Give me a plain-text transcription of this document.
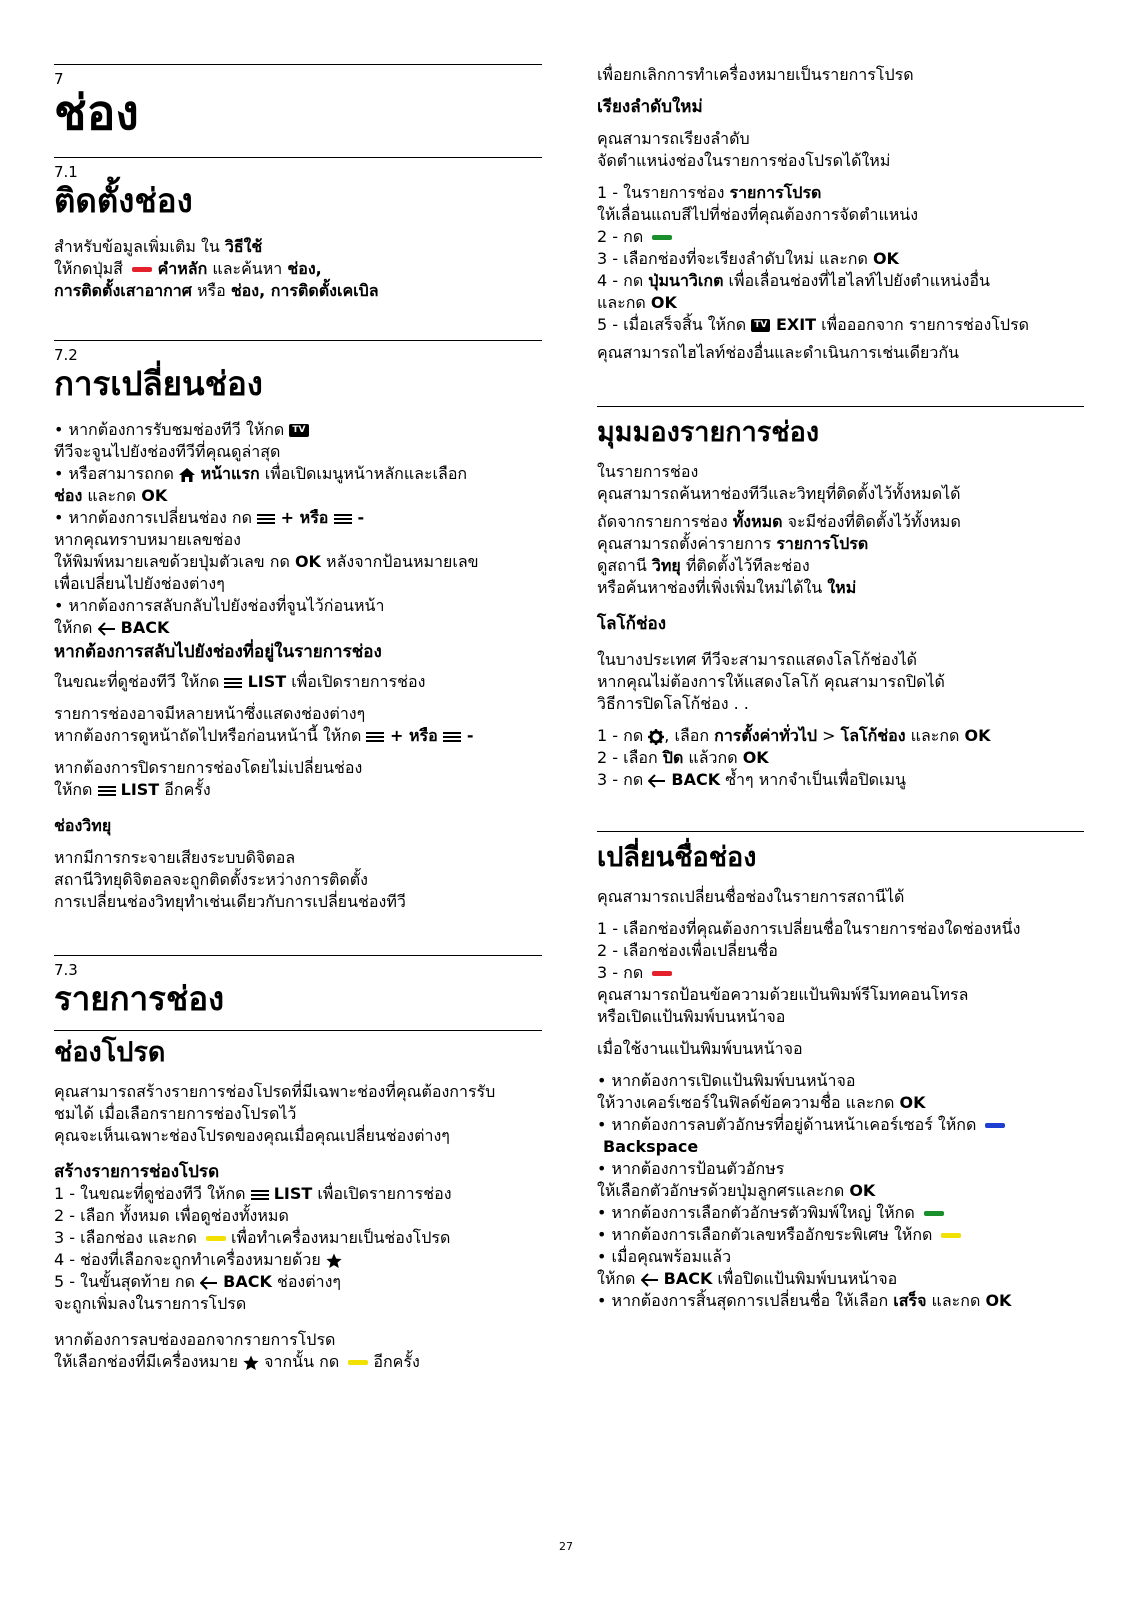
7
ช่อง
7.1
ติดตั้งช่อง

สำหรับข้อมูลเพิ่มเติม ใน วิธีใช้

ให้กดปุ่มสี  คำหลัก และค้นหา ช่อง,

การติดตั้งเสาอากาศ หรือ ช่อง, การติดตั้งเคเบิล

7.2
การเปลี่ยนช่อง

• หากต้องการรับชมช่องทีวี ให้กด TV

ทีวีจะจูนไปยังช่องทีวีที่คุณดูล่าสุด

• หรือสามารถกด  หน้าแรก เพื่อเปิดเมนูหน้าหลักและเลือก

ช่อง และกด OK

• หากต้องการเปลี่ยนช่อง กด  + หรือ  -

หากคุณทราบหมายเลขช่อง

ให้พิมพ์หมายเลขด้วยปุ่มตัวเลข กด OK หลังจากป้อนหมายเลข

เพื่อเปลี่ยนไปยังช่องต่างๆ

• หากต้องการสลับกลับไปยังช่องที่จูนไว้ก่อนหน้า

ให้กด  BACK

หากต้องการสลับไปยังช่องที่อยู่ในรายการช่อง

ในขณะที่ดูช่องทีวี ให้กด  LIST เพื่อเปิดรายการช่อง

รายการช่องอาจมีหลายหน้าซึ่งแสดงช่องต่างๆ

หากต้องการดูหน้าถัดไปหรือก่อนหน้านี้ ให้กด  + หรือ  -

หากต้องการปิดรายการช่องโดยไม่เปลี่ยนช่อง

ให้กด  LIST อีกครั้ง

ช่องวิทยุ

หากมีการกระจายเสียงระบบดิจิตอล

สถานีวิทยุดิจิตอลจะถูกติดตั้งระหว่างการติดตั้ง

การเปลี่ยนช่องวิทยุทำเช่นเดียวกับการเปลี่ยนช่องทีวี

7.3
รายการช่อง
ช่องโปรด

คุณสามารถสร้างรายการช่องโปรดที่มีเฉพาะช่องที่คุณต้องการรับ

ชมได้ เมื่อเลือกรายการช่องโปรดไว้

คุณจะเห็นเฉพาะช่องโปรดของคุณเมื่อคุณเปลี่ยนช่องต่างๆ

สร้างรายการช่องโปรด

1 - ในขณะที่ดูช่องทีวี ให้กด  LIST เพื่อเปิดรายการช่อง

2 - เลือก ทั้งหมด เพื่อดูช่องทั้งหมด

3 - เลือกช่อง และกด  เพื่อทำเครื่องหมายเป็นช่องโปรด

4 - ช่องที่เลือกจะถูกทำเครื่องหมายด้วย

5 - ในขั้นสุดท้าย กด  BACK ช่องต่างๆ

จะถูกเพิ่มลงในรายการโปรด

หากต้องการลบช่องออกจากรายการโปรด

ให้เลือกช่องที่มีเครื่องหมาย  จากนั้น กด  อีกครั้ง

เพื่อยกเลิกการทำเครื่องหมายเป็นรายการโปรด

เรียงลำดับใหม่

คุณสามารถเรียงลำดับ

จัดตำแหน่งช่องในรายการช่องโปรดได้ใหม่

1 - ในรายการช่อง รายการโปรด

ให้เลื่อนแถบสีไปที่ช่องที่คุณต้องการจัดตำแหน่ง

2 - กด

3 - เลือกช่องที่จะเรียงลำดับใหม่ และกด OK

4 - กด ปุ่มนาวิเกต เพื่อเลื่อนช่องที่ไฮไลท์ไปยังตำแหน่งอื่น

และกด OK

5 - เมื่อเสร็จสิ้น ให้กด TV EXIT เพื่อออกจาก รายการช่องโปรด

คุณสามารถไฮไลท์ช่องอื่นและดำเนินการเช่นเดียวกัน

มุมมองรายการช่อง

ในรายการช่อง

คุณสามารถค้นหาช่องทีวีและวิทยุที่ติดตั้งไว้ทั้งหมดได้

ถัดจากรายการช่อง ทั้งหมด จะมีช่องที่ติดตั้งไว้ทั้งหมด

คุณสามารถตั้งค่ารายการ รายการโปรด

ดูสถานี วิทยุ ที่ติดตั้งไว้ทีละช่อง

หรือค้นหาช่องที่เพิ่งเพิ่มใหม่ได้ใน ใหม่

โลโก้ช่อง

ในบางประเทศ ทีวีจะสามารถแสดงโลโก้ช่องได้

หากคุณไม่ต้องการให้แสดงโลโก้ คุณสามารถปิดได้

วิธีการปิดโลโก้ช่อง . .

1 - กด , เลือก การตั้งค่าทั่วไป > โลโก้ช่อง และกด OK

2 - เลือก ปิด แล้วกด OK

3 - กด  BACK ซ้ำๆ หากจำเป็นเพื่อปิดเมนู

เปลี่ยนชื่อช่อง

คุณสามารถเปลี่ยนชื่อช่องในรายการสถานีได้

1 - เลือกช่องที่คุณต้องการเปลี่ยนชื่อในรายการช่องใดช่องหนึ่ง

2 - เลือกช่องเพื่อเปลี่ยนชื่อ

3 - กด

คุณสามารถป้อนข้อความด้วยแป้นพิมพ์รีโมทคอนโทรล

หรือเปิดแป้นพิมพ์บนหน้าจอ

เมื่อใช้งานแป้นพิมพ์บนหน้าจอ

• หากต้องการเปิดแป้นพิมพ์บนหน้าจอ

ให้วางเคอร์เซอร์ในฟิลด์ข้อความชื่อ และกด OK

• หากต้องการลบตัวอักษรที่อยู่ด้านหน้าเคอร์เซอร์ ให้กด

Backspace

• หากต้องการป้อนตัวอักษร

ให้เลือกตัวอักษรด้วยปุ่มลูกศรและกด OK

• หากต้องการเลือกตัวอักษรตัวพิมพ์ใหญ่ ให้กด

• หากต้องการเลือกตัวเลขหรืออักขระพิเศษ ให้กด

• เมื่อคุณพร้อมแล้ว

ให้กด  BACK เพื่อปิดแป้นพิมพ์บนหน้าจอ

• หากต้องการสิ้นสุดการเปลี่ยนชื่อ ให้เลือก เสร็จ และกด OK

27
